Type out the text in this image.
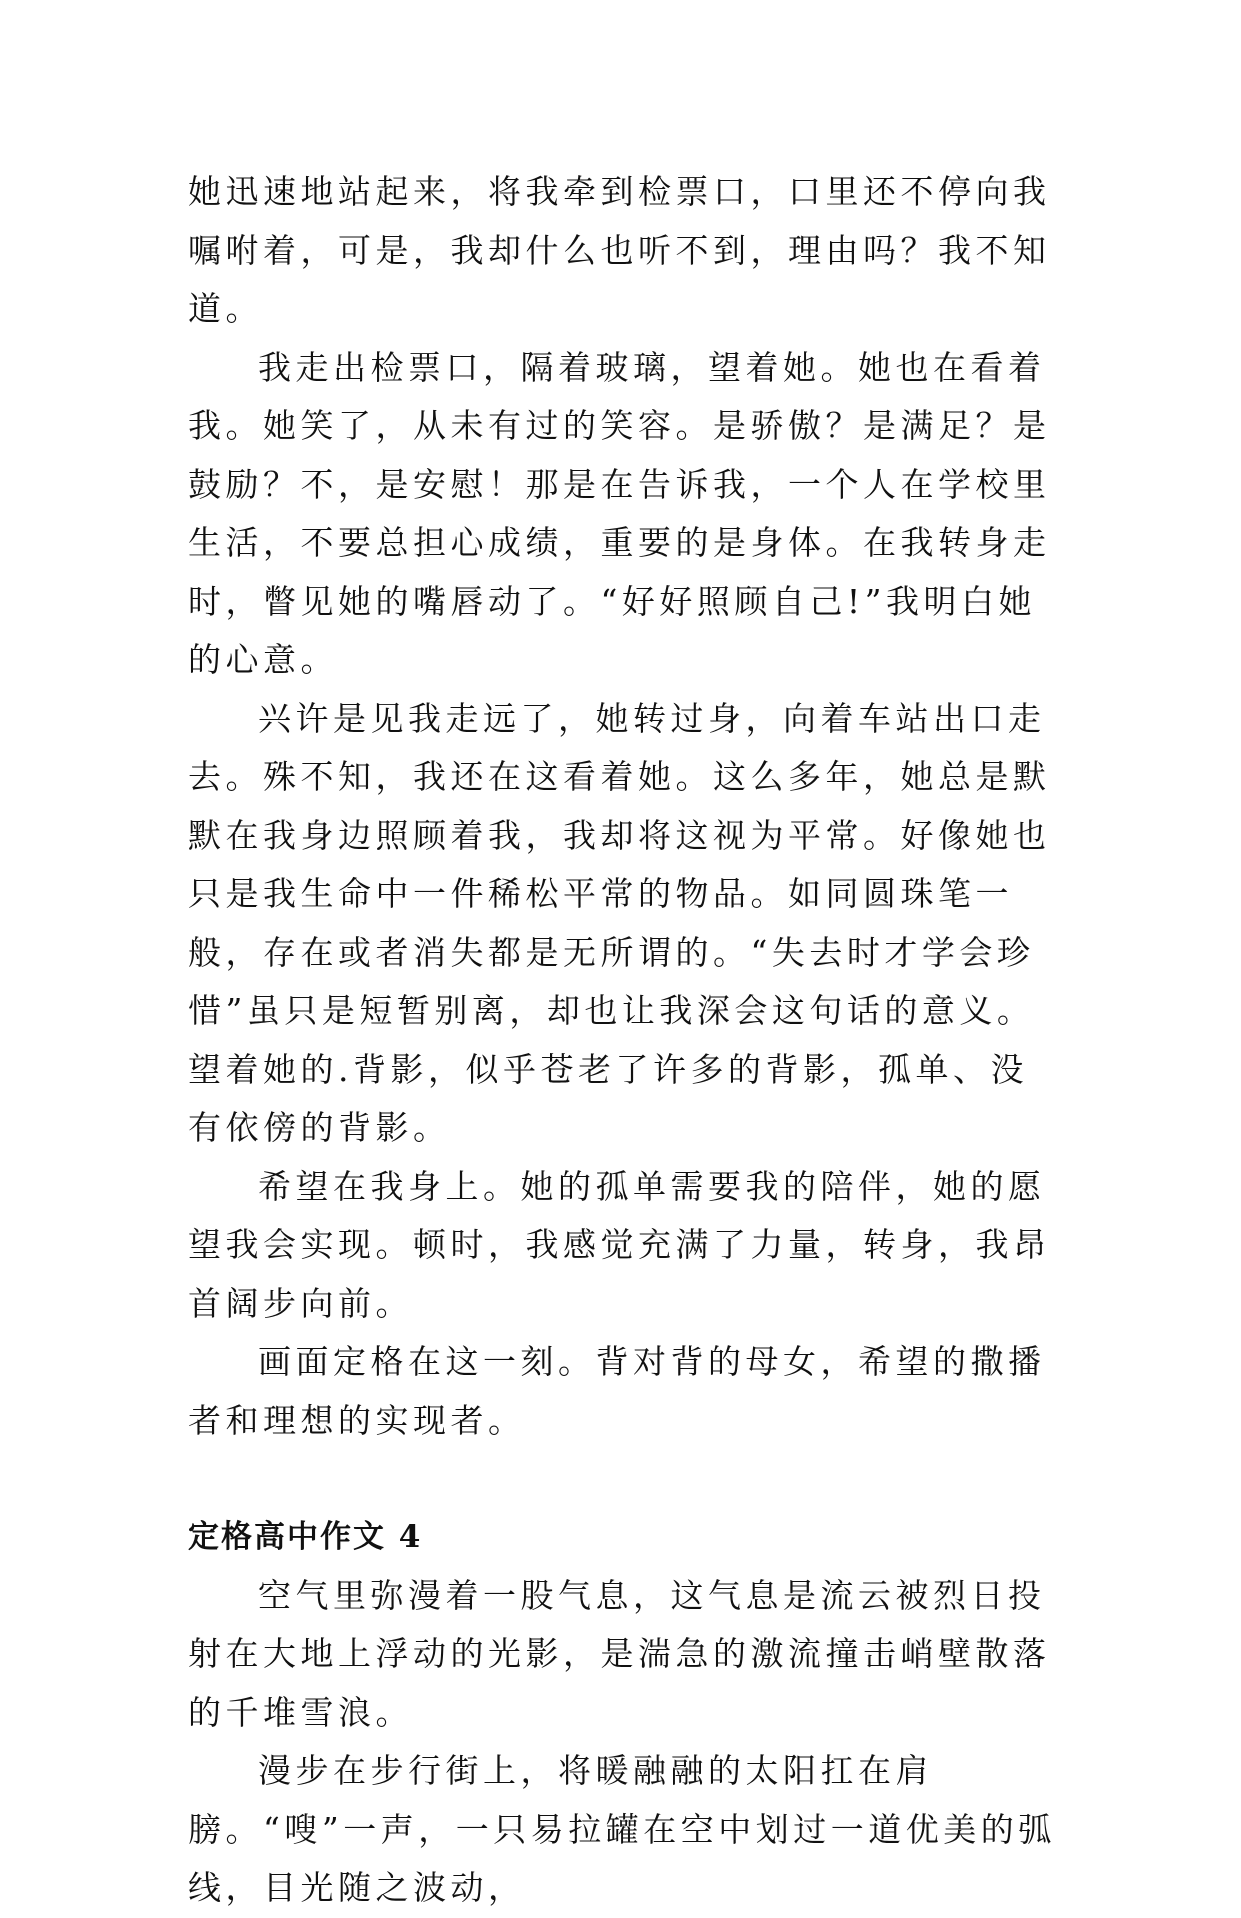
她迅速地站起来，将我牵到检票口，口里还不停向我嘱咐着，可是，我却什么也听不到，理由吗？我不知道。

我走出检票口，隔着玻璃，望着她。她也在看着我。她笑了，从未有过的笑容。是骄傲？是满足？是鼓励？不，是安慰！那是在告诉我，一个人在学校里生活，不要总担心成绩，重要的是身体。在我转身走时，瞥见她的嘴唇动了。“好好照顾自己!”我明白她的心意。

兴许是见我走远了，她转过身，向着车站出口走去。殊不知，我还在这看着她。这么多年，她总是默默在我身边照顾着我，我却将这视为平常。好像她也只是我生命中一件稀松平常的物品。如同圆珠笔一般，存在或者消失都是无所谓的。“失去时才学会珍惜”虽只是短暂别离，却也让我深会这句话的意义。望着她的.背影，似乎苍老了许多的背影，孤单、没有依傍的背影。

希望在我身上。她的孤单需要我的陪伴，她的愿望我会实现。顿时，我感觉充满了力量，转身，我昂首阔步向前。

画面定格在这一刻。背对背的母女，希望的撒播者和理想的实现者。

定格高中作文 4

空气里弥漫着一股气息，这气息是流云被烈日投射在大地上浮动的光影，是湍急的激流撞击峭壁散落的千堆雪浪。

漫步在步行街上，将暖融融的太阳扛在肩膀。“嗖”一声，一只易拉罐在空中划过一道优美的弧线，目光随之波动，
